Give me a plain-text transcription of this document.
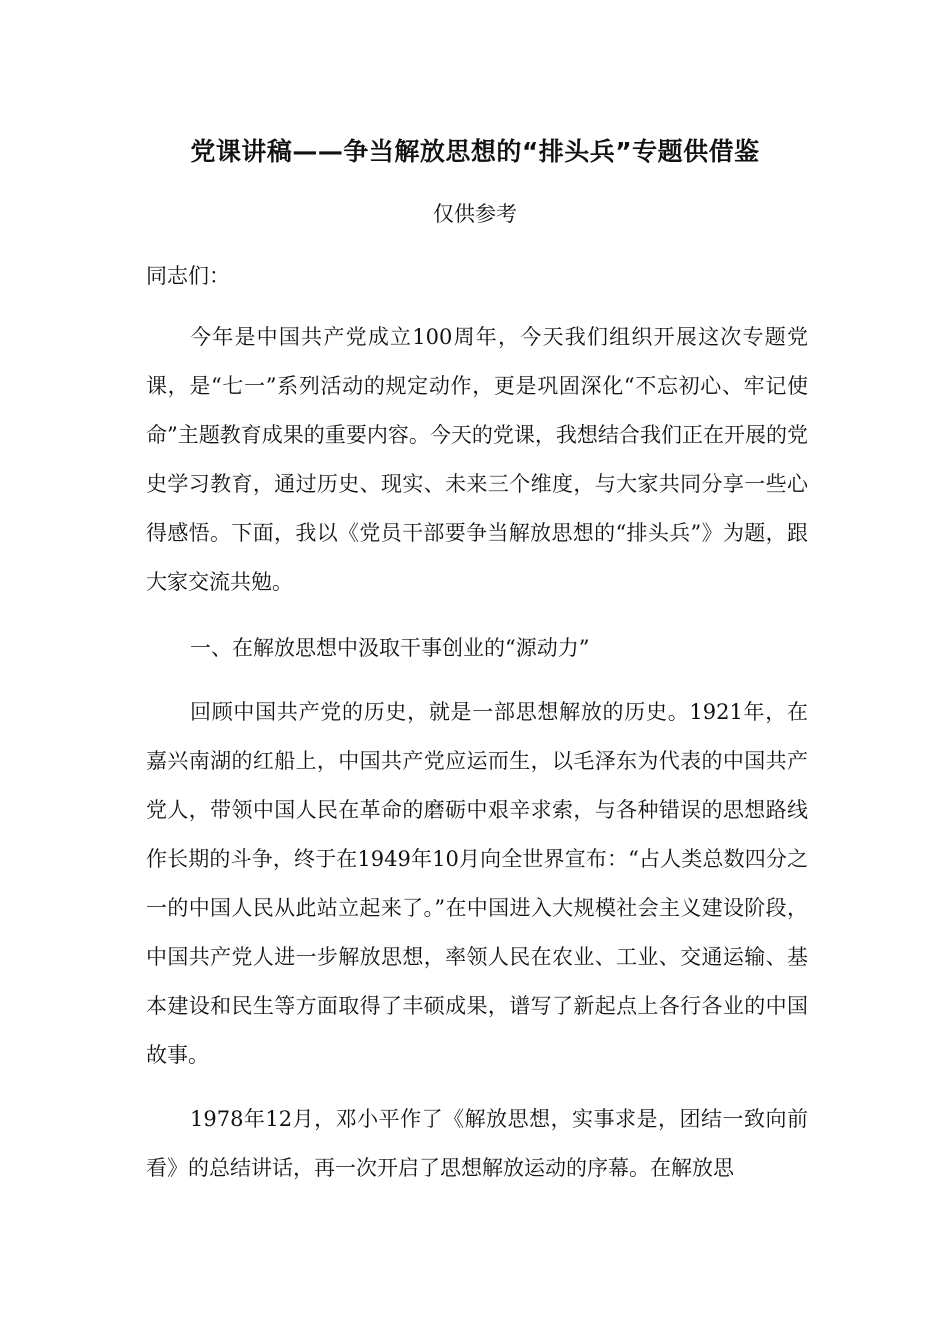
党课讲稿——争当解放思想的“排头兵”专题供借鉴
仅供参考
同志们：
今年是中国共产党成立100周年，今天我们组织开展这次专题党课，是“七一”系列活动的规定动作，更是巩固深化“不忘初心、牢记使命”主题教育成果的重要内容。今天的党课，我想结合我们正在开展的党史学习教育，通过历史、现实、未来三个维度，与大家共同分享一些心得感悟。下面，我以《党员干部要争当解放思想的“排头兵”》为题，跟大家交流共勉。
一、在解放思想中汲取干事创业的“源动力”
回顾中国共产党的历史，就是一部思想解放的历史。1921年，在嘉兴南湖的红船上，中国共产党应运而生，以毛泽东为代表的中国共产党人，带领中国人民在革命的磨砺中艰辛求索，与各种错误的思想路线作长期的斗争，终于在1949年10月向全世界宣布：“占人类总数四分之一的中国人民从此站立起来了。”在中国进入大规模社会主义建设阶段，中国共产党人进一步解放思想，率领人民在农业、工业、交通运输、基本建设和民生等方面取得了丰硕成果，谱写了新起点上各行各业的中国故事。
1978年12月，邓小平作了《解放思想，实事求是，团结一致向前看》的总结讲话，再一次开启了思想解放运动的序幕。在解放思
